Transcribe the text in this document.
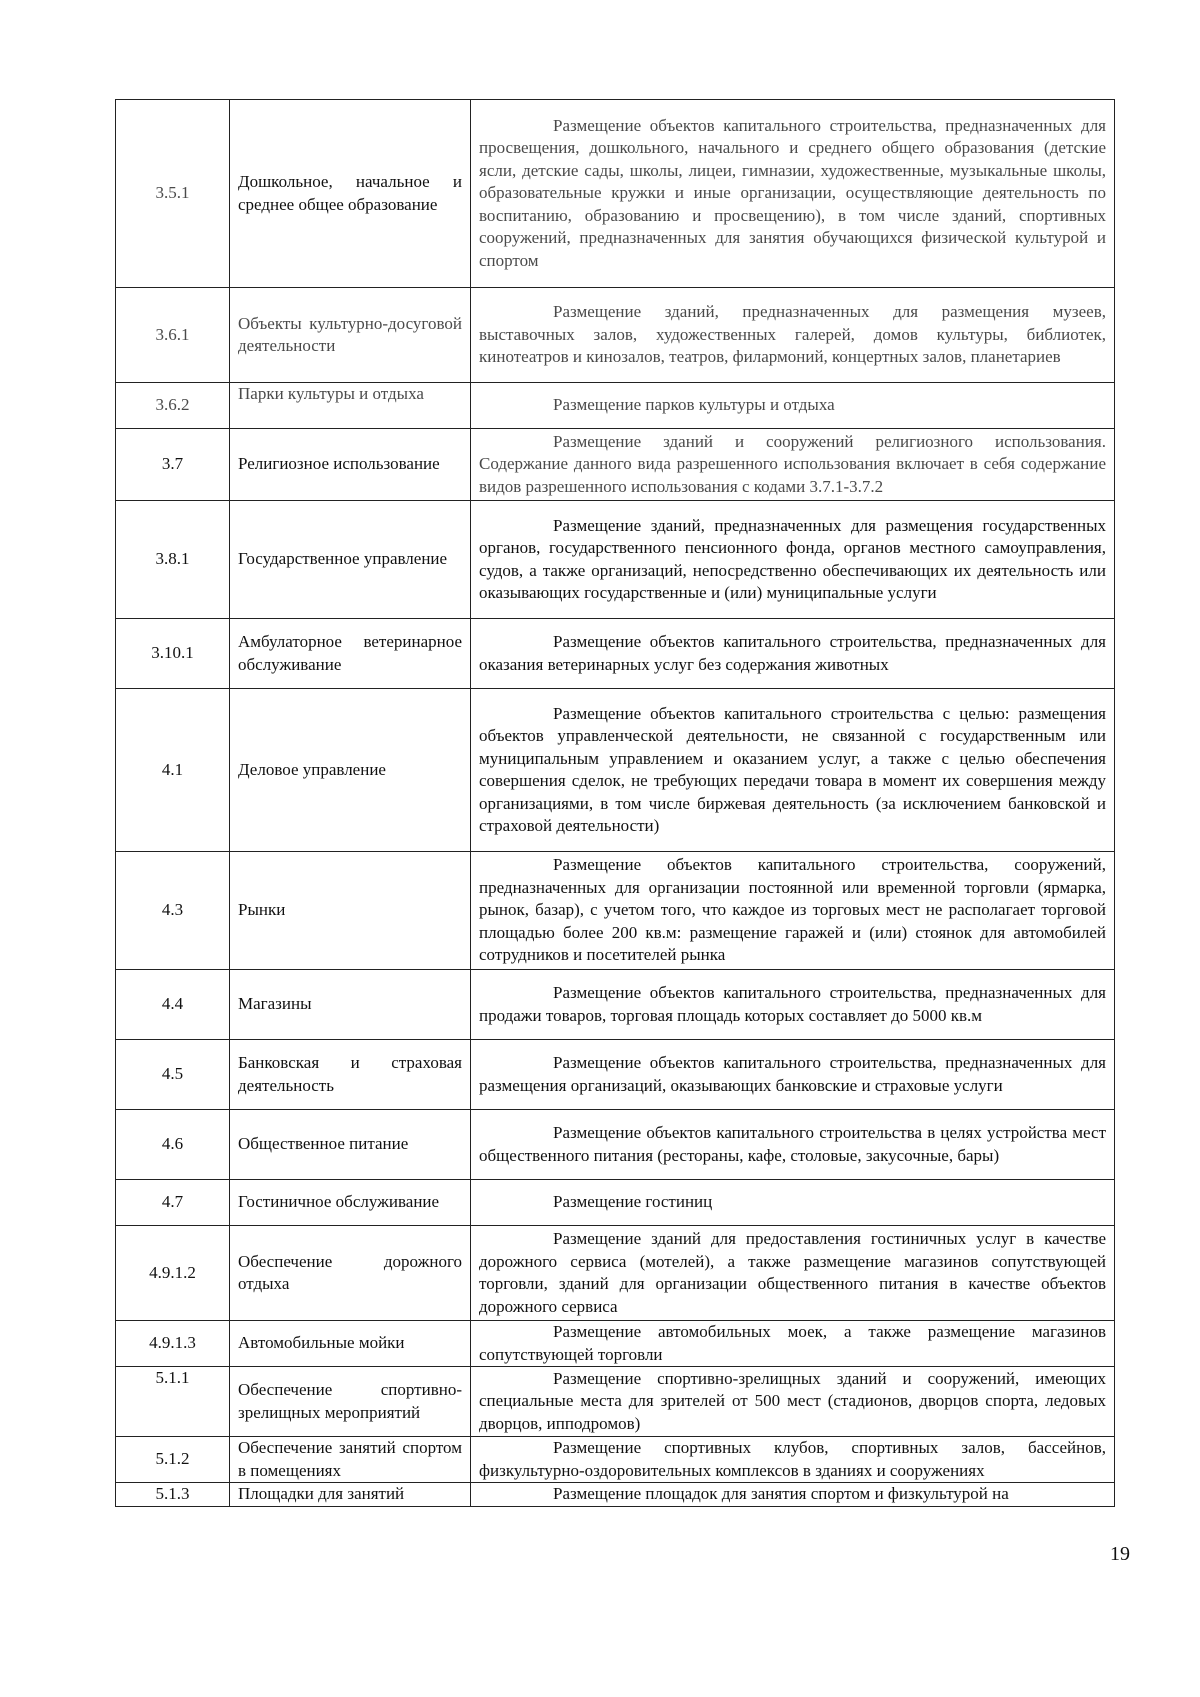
3.5.1	Дошкольное, начальное и среднее общее образование	Размещение объектов капитального строительства, предназначенных для просвещения, дошкольного, начального и среднего общего образования (детские ясли, детские сады, школы, лицеи, гимназии, художественные, музыкальные школы, образовательные кружки и иные организации, осуществляющие деятельность по воспитанию, образованию и просвещению), в том числе зданий, спортивных сооружений, предназначенных для занятия обучающихся физической культурой и спортом
3.6.1	Объекты культурно-досуговой деятельности	Размещение зданий, предназначенных для размещения музеев, выставочных залов, художественных галерей, домов культуры, библиотек, кинотеатров и кинозалов, театров, филармоний, концертных залов, планетариев
3.6.2	Парки культуры и отдыха	Размещение парков культуры и отдыха
3.7	Религиозное использование	Размещение зданий и сооружений религиозного использования. Содержание данного вида разрешенного использования включает в себя содержание видов разрешенного использования с кодами 3.7.1-3.7.2
3.8.1	Государственное управление	Размещение зданий, предназначенных для размещения государственных органов, государственного пенсионного фонда, органов местного самоуправления, судов, а также организаций, непосредственно обеспечивающих их деятельность или оказывающих государственные и (или) муниципальные услуги
3.10.1	Амбулаторное ветеринарное обслуживание	Размещение объектов капитального строительства, предназначенных для оказания ветеринарных услуг без содержания животных
4.1	Деловое управление	Размещение объектов капитального строительства с целью: размещения объектов управленческой деятельности, не связанной с государственным или муниципальным управлением и оказанием услуг, а также с целью обеспечения совершения сделок, не требующих передачи товара в момент их совершения между организациями, в том числе биржевая деятельность (за исключением банковской и страховой деятельности)
4.3	Рынки	Размещение объектов капитального строительства, сооружений, предназначенных для организации постоянной или временной торговли (ярмарка, рынок, базар), с учетом того, что каждое из торговых мест не располагает торговой площадью более 200 кв.м: размещение гаражей и (или) стоянок для автомобилей сотрудников и посетителей рынка
4.4	Магазины	Размещение объектов капитального строительства, предназначенных для продажи товаров, торговая площадь которых составляет до 5000 кв.м
4.5	Банковская и страховая деятельность	Размещение объектов капитального строительства, предназначенных для размещения организаций, оказывающих банковские и страховые услуги
4.6	Общественное питание	Размещение объектов капитального строительства в целях устройства мест общественного питания (рестораны, кафе, столовые, закусочные, бары)
4.7	Гостиничное обслуживание	Размещение гостиниц
4.9.1.2	Обеспечение дорожного отдыха	Размещение зданий для предоставления гостиничных услуг в качестве дорожного сервиса (мотелей), а также размещение магазинов сопутствующей торговли, зданий для организации общественного питания в качестве объектов дорожного сервиса
4.9.1.3	Автомобильные мойки	Размещение автомобильных моек, а также размещение магазинов сопутствующей торговли
5.1.1	Обеспечение спортивно-зрелищных мероприятий	Размещение спортивно-зрелищных зданий и сооружений, имеющих специальные места для зрителей от 500 мест (стадионов, дворцов спорта, ледовых дворцов, ипподромов)
5.1.2	Обеспечение занятий спортом в помещениях	Размещение спортивных клубов, спортивных залов, бассейнов, физкультурно-оздоровительных комплексов в зданиях и сооружениях
5.1.3	Площадки для занятий	Размещение площадок для занятия спортом и физкультурой на
19
